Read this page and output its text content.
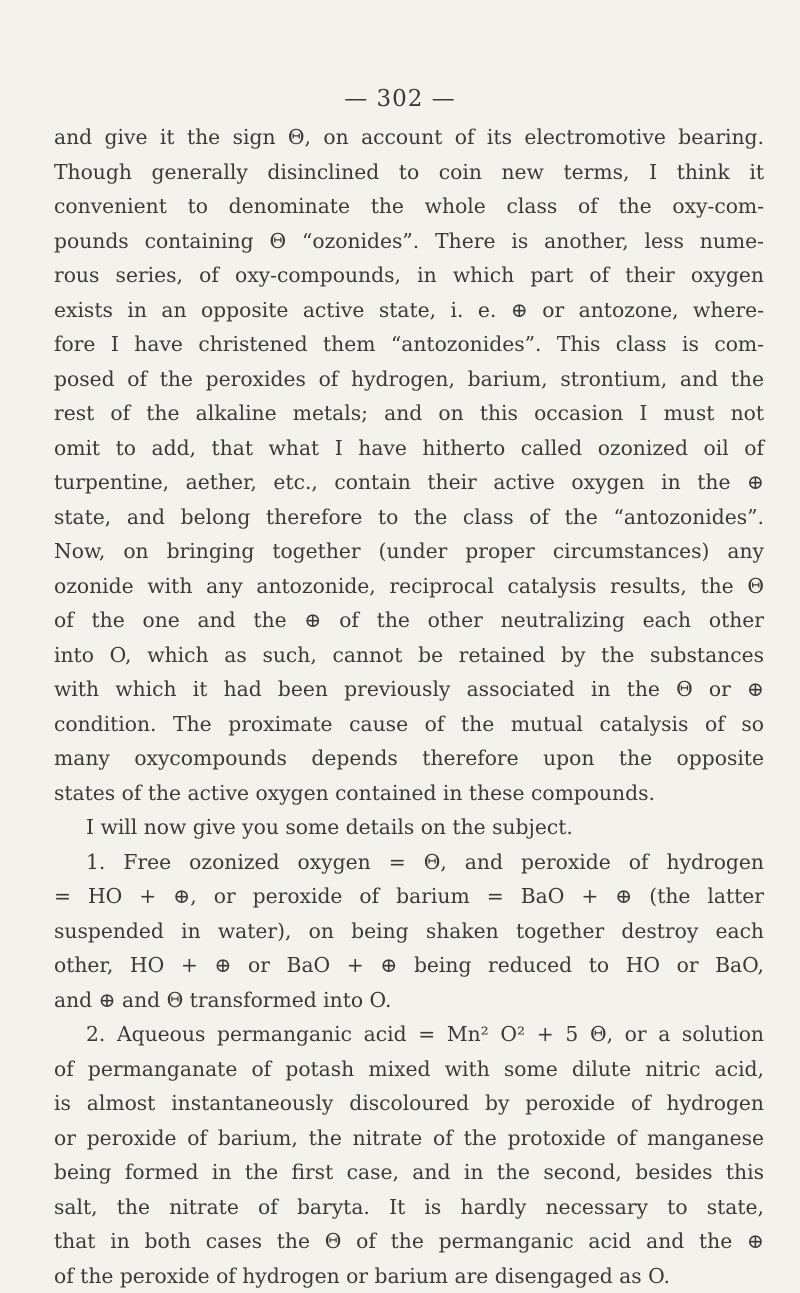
— 302 —
and give it the sign Θ, on account of its electromotive bearing.
Though generally disinclined to coin new terms, I think it
convenient to denominate the whole class of the oxy-com-
pounds containing Θ “ozonides”. There is another, less nume-
rous series, of oxy-compounds, in which part of their oxygen
exists in an opposite active state, i. e. ⊕ or antozone, where-
fore I have christened them “antozonides”. This class is com-
posed of the peroxides of hydrogen, barium, strontium, and the
rest of the alkaline metals; and on this occasion I must not
omit to add, that what I have hitherto called ozonized oil of
turpentine, aether, etc., contain their active oxygen in the ⊕
state, and belong therefore to the class of the “antozonides”.
Now, on bringing together (under proper circumstances) any
ozonide with any antozonide, reciprocal catalysis results, the Θ
of the one and the ⊕ of the other neutralizing each other
into O, which as such, cannot be retained by the substances
with which it had been previously associated in the Θ or ⊕
condition. The proximate cause of the mutual catalysis of so
many oxycompounds depends therefore upon the opposite
states of the active oxygen contained in these compounds.
I will now give you some details on the subject.
1. Free ozonized oxygen = Θ, and peroxide of hydrogen
= HO + ⊕, or peroxide of barium = BaO + ⊕ (the latter
suspended in water), on being shaken together destroy each
other, HO + ⊕ or BaO + ⊕ being reduced to HO or BaO,
and ⊕ and Θ transformed into O.
2. Aqueous permanganic acid = Mn² O² + 5 Θ, or a solution
of permanganate of potash mixed with some dilute nitric acid,
is almost instantaneously discoloured by peroxide of hydrogen
or peroxide of barium, the nitrate of the protoxide of manganese
being formed in the first case, and in the second, besides this
salt, the nitrate of baryta. It is hardly necessary to state,
that in both cases the Θ of the permanganic acid and the ⊕
of the peroxide of hydrogen or barium are disengaged as O.
